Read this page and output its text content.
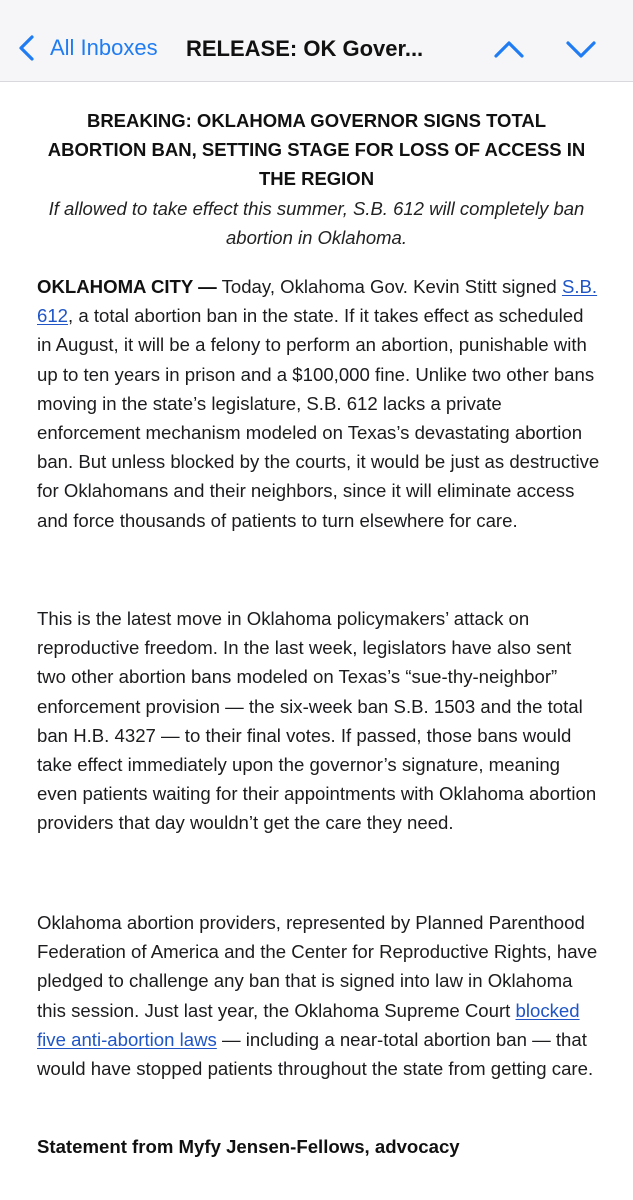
All Inboxes RELEASE: OK Gover...
BREAKING: OKLAHOMA GOVERNOR SIGNS TOTAL ABORTION BAN, SETTING STAGE FOR LOSS OF ACCESS IN THE REGION
If allowed to take effect this summer, S.B. 612 will completely ban abortion in Oklahoma.

OKLAHOMA CITY — Today, Oklahoma Gov. Kevin Stitt signed S.B. 612, a total abortion ban in the state. If it takes effect as scheduled in August, it will be a felony to perform an abortion, punishable with up to ten years in prison and a $100,000 fine. Unlike two other bans moving in the state’s legislature, S.B. 612 lacks a private enforcement mechanism modeled on Texas’s devastating abortion ban. But unless blocked by the courts, it would be just as destructive for Oklahomans and their neighbors, since it will eliminate access and force thousands of patients to turn elsewhere for care.

This is the latest move in Oklahoma policymakers’ attack on reproductive freedom. In the last week, legislators have also sent two other abortion bans modeled on Texas’s “sue-thy-neighbor” enforcement provision — the six-week ban S.B. 1503 and the total ban H.B. 4327 — to their final votes. If passed, those bans would take effect immediately upon the governor’s signature, meaning even patients waiting for their appointments with Oklahoma abortion providers that day wouldn’t get the care they need.

Oklahoma abortion providers, represented by Planned Parenthood Federation of America and the Center for Reproductive Rights, have pledged to challenge any ban that is signed into law in Oklahoma this session. Just last year, the Oklahoma Supreme Court blocked five anti-abortion laws — including a near-total abortion ban — that would have stopped patients throughout the state from getting care.

Statement from Myfy Jensen-Fellows, advocacy
